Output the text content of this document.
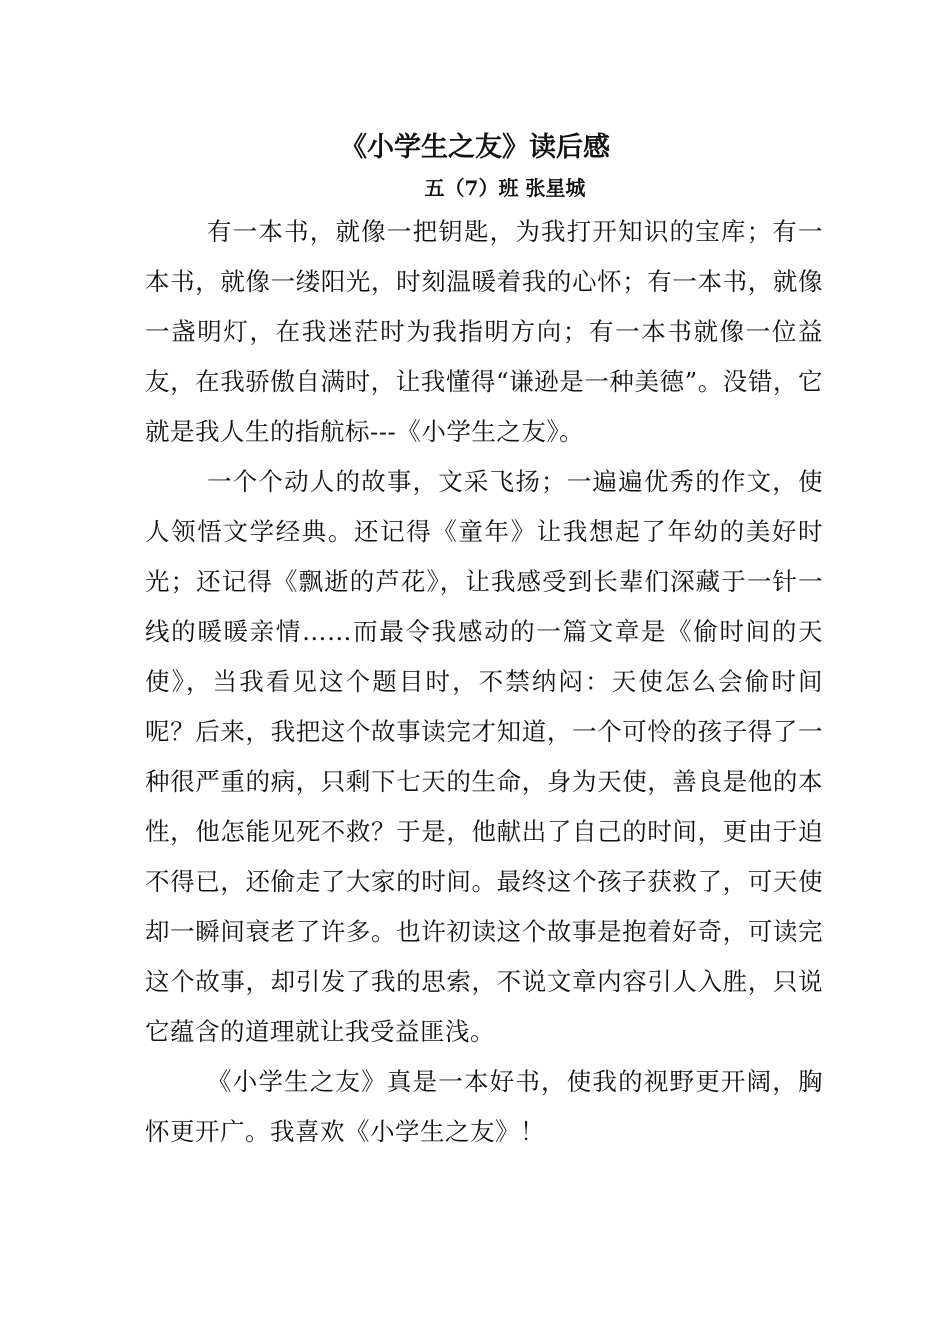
《小学生之友》读后感
五（7）班 张星城

有一本书，就像一把钥匙，为我打开知识的宝库；有一本书，就像一缕阳光，时刻温暖着我的心怀；有一本书，就像一盏明灯，在我迷茫时为我指明方向；有一本书就像一位益友，在我骄傲自满时，让我懂得“谦逊是一种美德”。没错，它就是我人生的指航标---《小学生之友》。

一个个动人的故事，文采飞扬；一遍遍优秀的作文，使人领悟文学经典。还记得《童年》让我想起了年幼的美好时光；还记得《飘逝的芦花》，让我感受到长辈们深藏于一针一线的暖暖亲情……而最令我感动的一篇文章是《偷时间的天使》，当我看见这个题目时，不禁纳闷：天使怎么会偷时间呢？后来，我把这个故事读完才知道，一个可怜的孩子得了一种很严重的病，只剩下七天的生命，身为天使，善良是他的本性，他怎能见死不救？于是，他献出了自己的时间，更由于迫不得已，还偷走了大家的时间。最终这个孩子获救了，可天使却一瞬间衰老了许多。也许初读这个故事是抱着好奇，可读完这个故事，却引发了我的思索，不说文章内容引人入胜，只说它蕴含的道理就让我受益匪浅。

《小学生之友》真是一本好书，使我的视野更开阔，胸怀更开广。我喜欢《小学生之友》！
